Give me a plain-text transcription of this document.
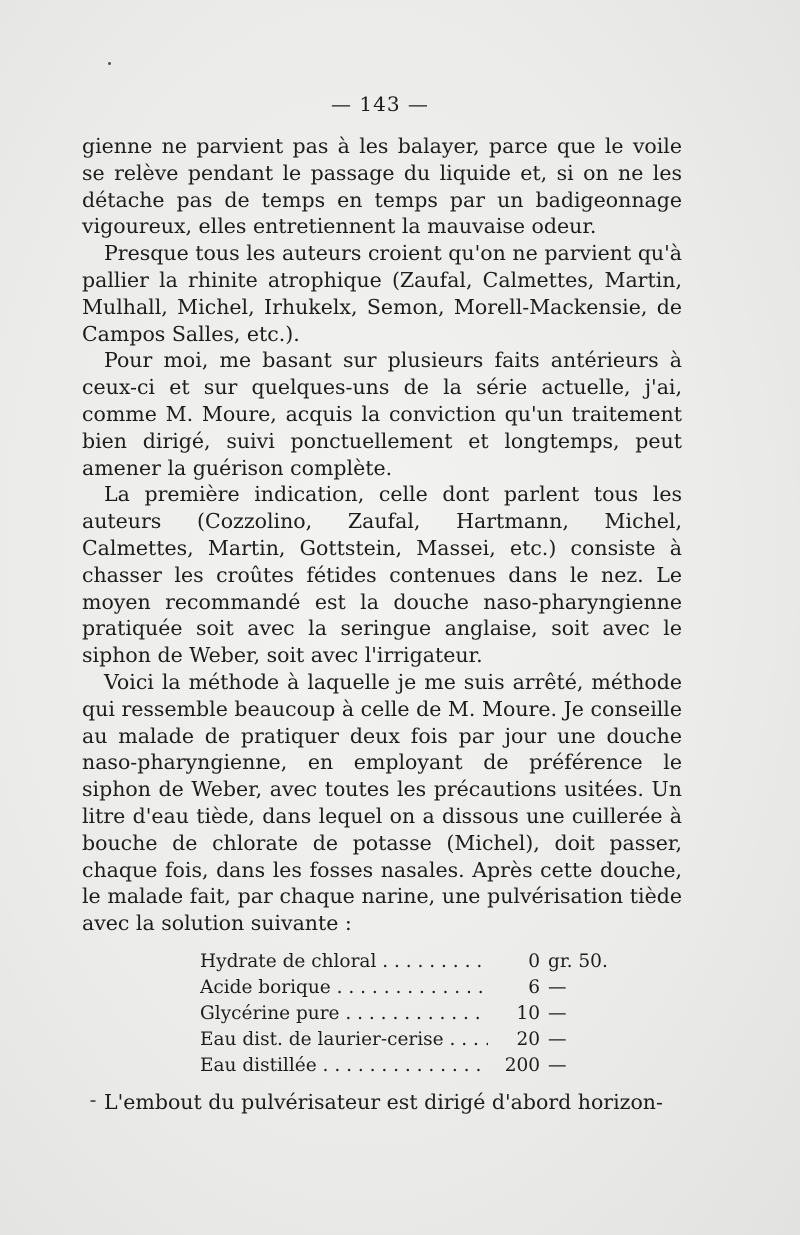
— 143 —

gienne ne parvient pas à les balayer, parce que le voile se relève pendant le passage du liquide et, si on ne les détache pas de temps en temps par un badigeonnage vigoureux, elles entretiennent la mauvaise odeur.

Presque tous les auteurs croient qu'on ne parvient qu'à pallier la rhinite atrophique (Zaufal, Calmettes, Martin, Mulhall, Michel, Irhukelx, Semon, Morell-Mackensie, de Campos Salles, etc.).

Pour moi, me basant sur plusieurs faits antérieurs à ceux-ci et sur quelques-uns de la série actuelle, j'ai, comme M. Moure, acquis la conviction qu'un traitement bien dirigé, suivi ponctuellement et longtemps, peut amener la guérison complète.

La première indication, celle dont parlent tous les auteurs (Cozzolino, Zaufal, Hartmann, Michel, Calmettes, Martin, Gottstein, Massei, etc.) consiste à chasser les croûtes fétides contenues dans le nez. Le moyen recommandé est la douche naso-pharyngienne pratiquée soit avec la seringue anglaise, soit avec le siphon de Weber, soit avec l'irrigateur.

Voici la méthode à laquelle je me suis arrêté, méthode qui ressemble beaucoup à celle de M. Moure. Je conseille au malade de pratiquer deux fois par jour une douche naso-pharyngienne, en employant de préférence le siphon de Weber, avec toutes les précautions usitées. Un litre d'eau tiède, dans lequel on a dissous une cuillerée à bouche de chlorate de potasse (Michel), doit passer, chaque fois, dans les fosses nasales. Après cette douche, le malade fait, par chaque narine, une pulvérisation tiède avec la solution suivante :

Hydrate de chloral . . .	0 gr. 50.
Acide borique . . .	6 —
Glycérine pure . . .	10 —
Eau dist. de laurier-cerise . . .	20 —
Eau distillée . . .	200 —

L'embout du pulvérisateur est dirigé d'abord horizon-
